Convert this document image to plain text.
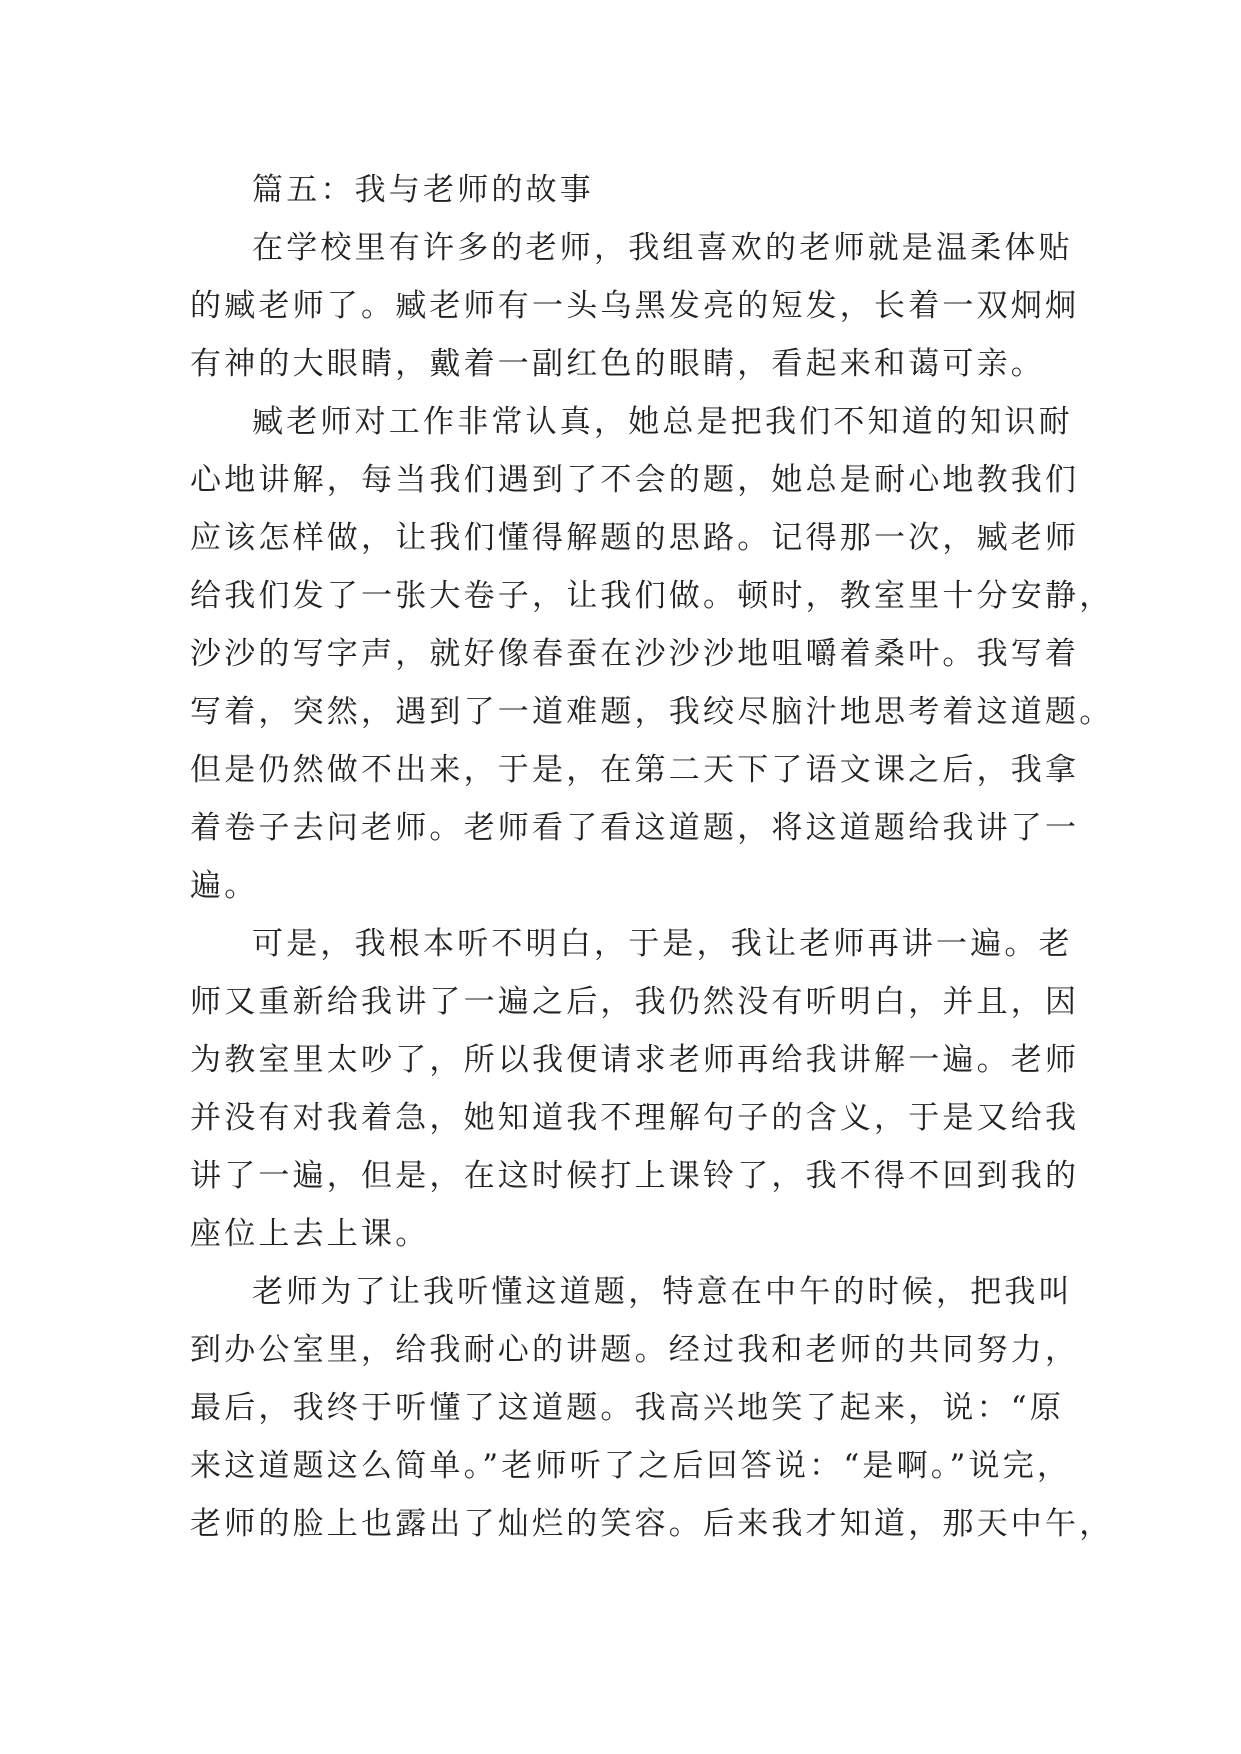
篇五：我与老师的故事
在学校里有许多的老师，我组喜欢的老师就是温柔体贴
的臧老师了。臧老师有一头乌黑发亮的短发，长着一双炯炯
有神的大眼睛，戴着一副红色的眼睛，看起来和蔼可亲。
臧老师对工作非常认真，她总是把我们不知道的知识耐
心地讲解，每当我们遇到了不会的题，她总是耐心地教我们
应该怎样做，让我们懂得解题的思路。记得那一次，臧老师
给我们发了一张大卷子，让我们做。顿时，教室里十分安静，
沙沙的写字声，就好像春蚕在沙沙沙地咀嚼着桑叶。我写着
写着，突然，遇到了一道难题，我绞尽脑汁地思考着这道题。
但是仍然做不出来，于是，在第二天下了语文课之后，我拿
着卷子去问老师。老师看了看这道题，将这道题给我讲了一
遍。
可是，我根本听不明白，于是，我让老师再讲一遍。老
师又重新给我讲了一遍之后，我仍然没有听明白，并且，因
为教室里太吵了，所以我便请求老师再给我讲解一遍。老师
并没有对我着急，她知道我不理解句子的含义，于是又给我
讲了一遍，但是，在这时候打上课铃了，我不得不回到我的
座位上去上课。
老师为了让我听懂这道题，特意在中午的时候，把我叫
到办公室里，给我耐心的讲题。经过我和老师的共同努力，
最后，我终于听懂了这道题。我高兴地笑了起来，说：“原
来这道题这么简单。”老师听了之后回答说：“是啊。”说完，
老师的脸上也露出了灿烂的笑容。后来我才知道，那天中午，
